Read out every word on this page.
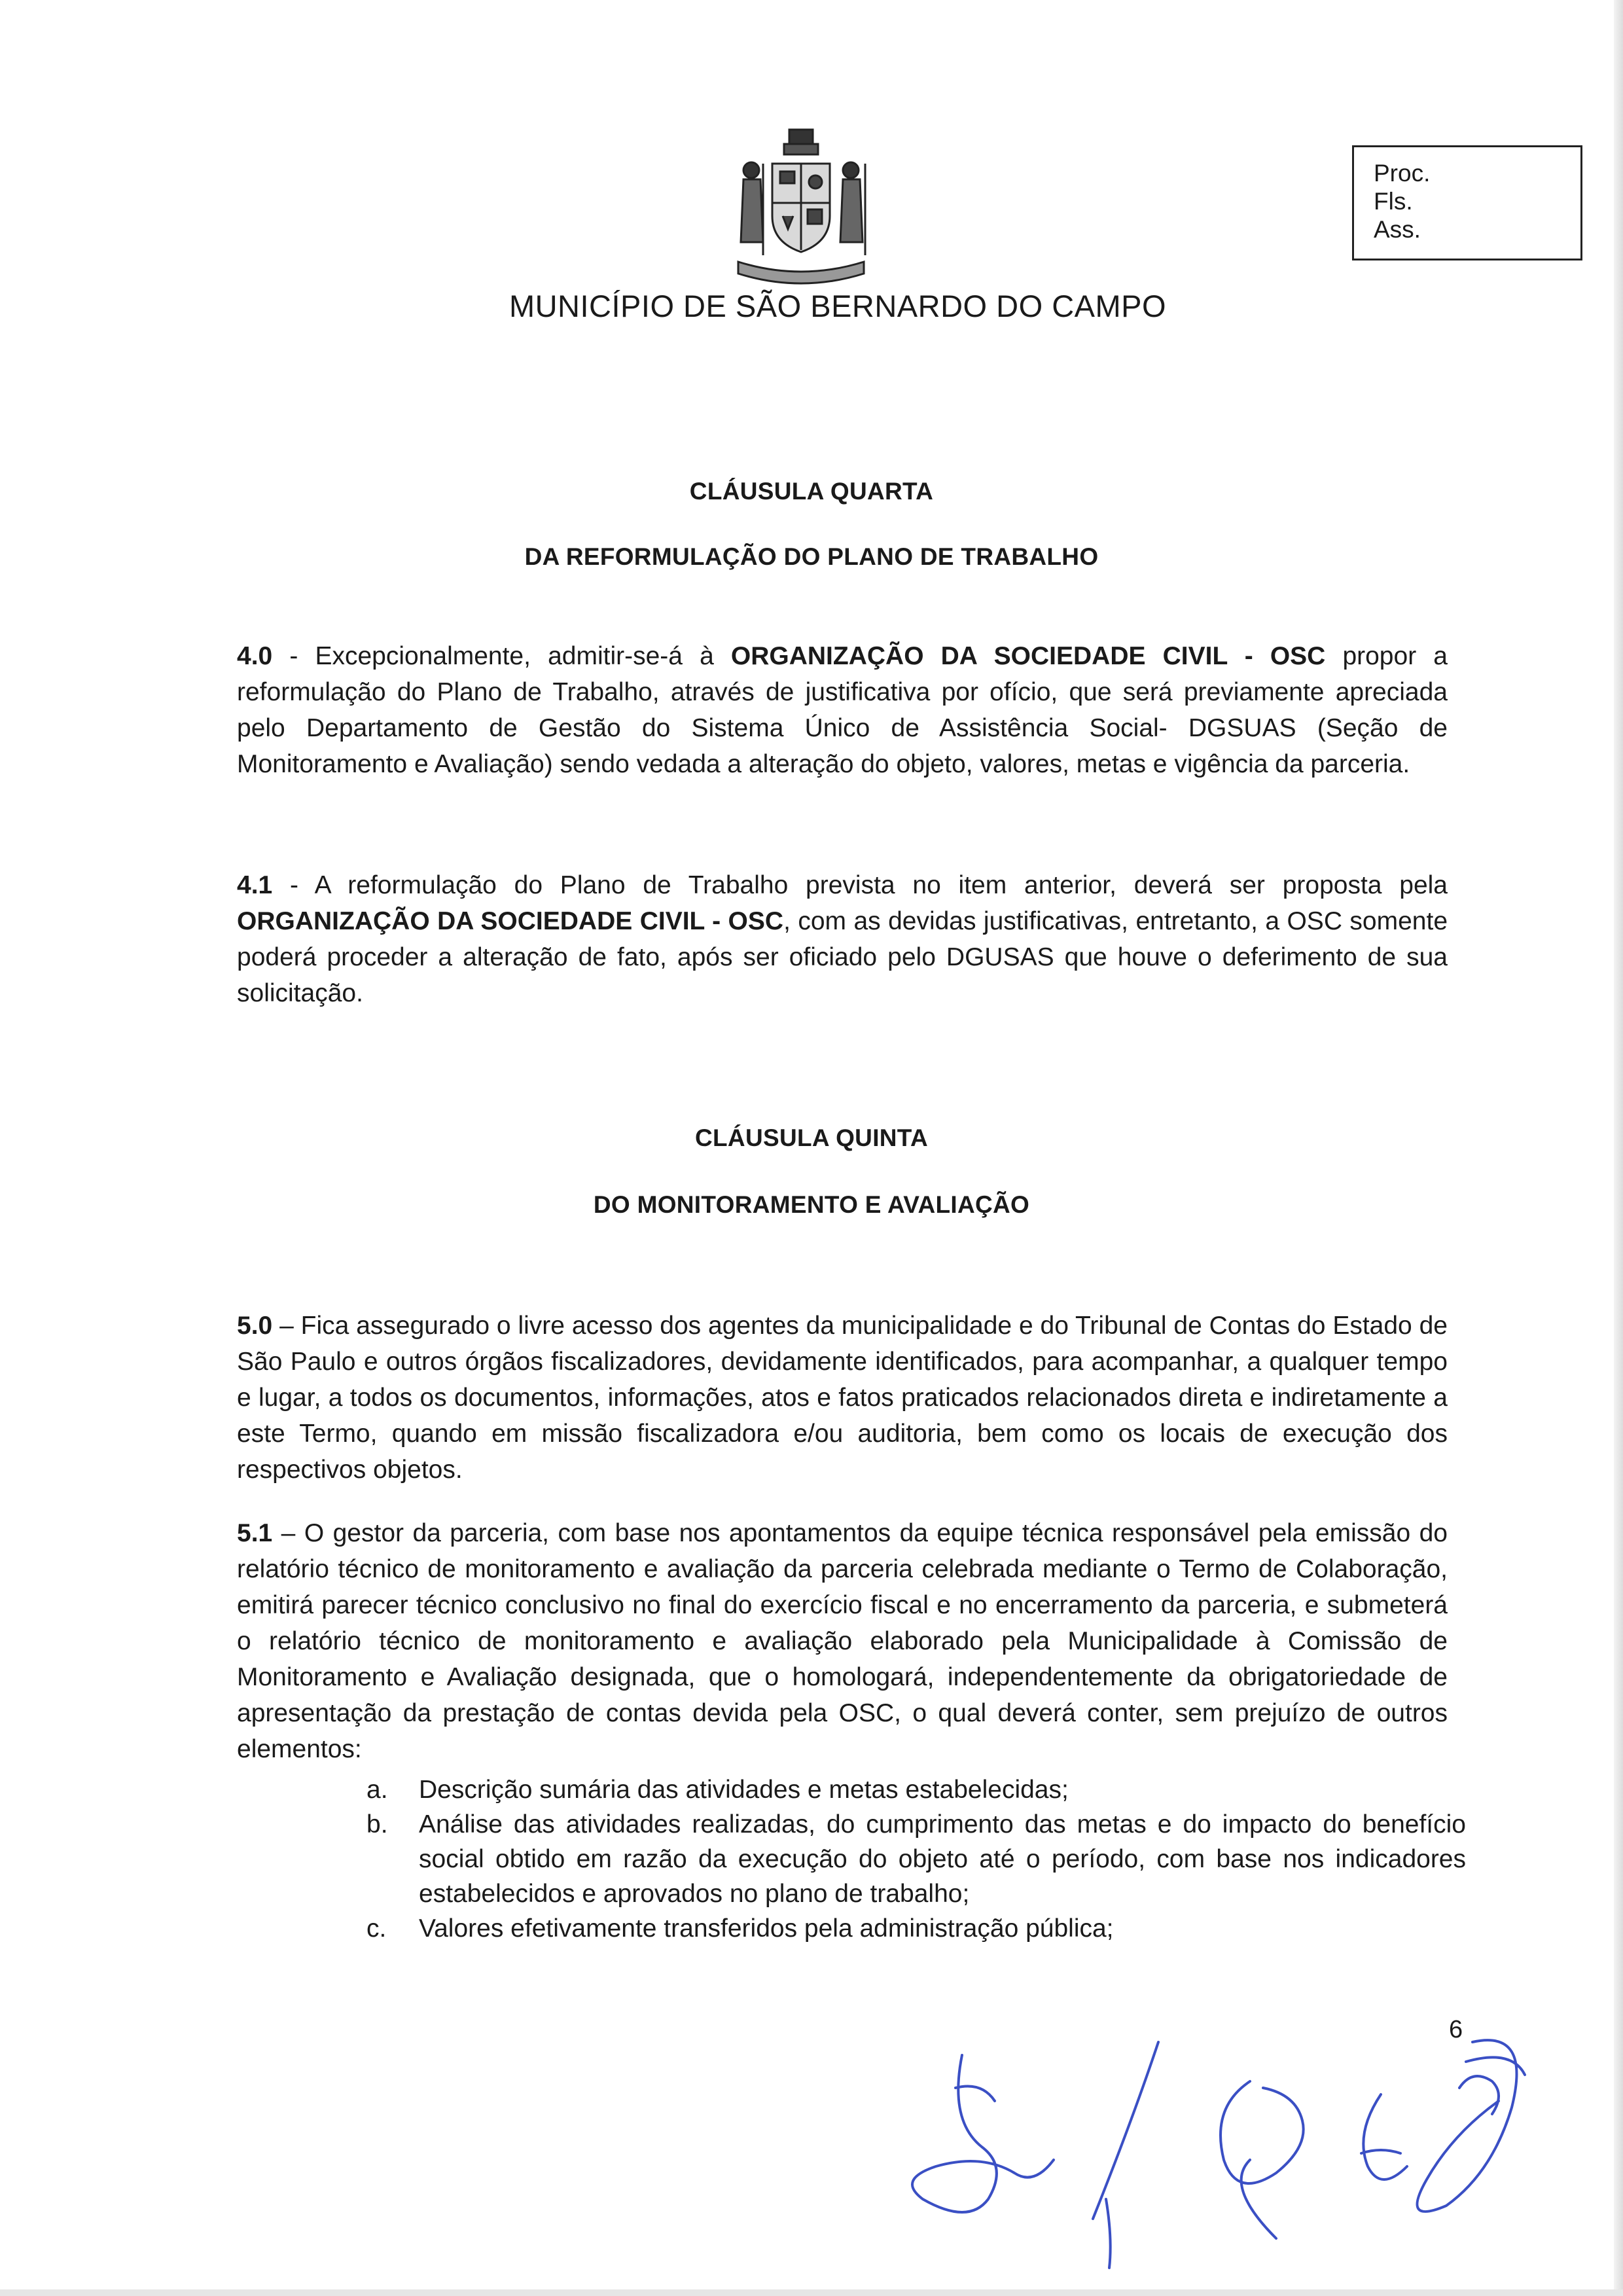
MUNICÍPIO DE SÃO BERNARDO DO CAMPO
Proc.
Fls.
Ass.
CLÁUSULA QUARTA
DA REFORMULAÇÃO DO PLANO DE TRABALHO

4.0 - Excepcionalmente, admitir-se-á à ORGANIZAÇÃO DA SOCIEDADE CIVIL - OSC propor a reformulação do Plano de Trabalho, através de justificativa por ofício, que será previamente apreciada pelo Departamento de Gestão do Sistema Único de Assistência Social- DGSUAS (Seção de Monitoramento e Avaliação) sendo vedada a alteração do objeto, valores, metas e vigência da parceria.

4.1 - A reformulação do Plano de Trabalho prevista no item anterior, deverá ser proposta pela ORGANIZAÇÃO DA SOCIEDADE CIVIL - OSC, com as devidas justificativas, entretanto, a OSC somente poderá proceder a alteração de fato, após ser oficiado pelo DGUSAS que houve o deferimento de sua solicitação.

CLÁUSULA QUINTA
DO MONITORAMENTO E AVALIAÇÃO

5.0 – Fica assegurado o livre acesso dos agentes da municipalidade e do Tribunal de Contas do Estado de São Paulo e outros órgãos fiscalizadores, devidamente identificados, para acompanhar, a qualquer tempo e lugar, a todos os documentos, informações, atos e fatos praticados relacionados direta e indiretamente a este Termo, quando em missão fiscalizadora e/ou auditoria, bem como os locais de execução dos respectivos objetos.

5.1 – O gestor da parceria, com base nos apontamentos da equipe técnica responsável pela emissão do relatório técnico de monitoramento e avaliação da parceria celebrada mediante o Termo de Colaboração, emitirá parecer técnico conclusivo no final do exercício fiscal e no encerramento da parceria, e submeterá o relatório técnico de monitoramento e avaliação elaborado pela Municipalidade à Comissão de Monitoramento e Avaliação designada, que o homologará, independentemente da obrigatoriedade de apresentação da prestação de contas devida pela OSC, o qual deverá conter, sem prejuízo de outros elementos:

a. Descrição sumária das atividades e metas estabelecidas;
b. Análise das atividades realizadas, do cumprimento das metas e do impacto do benefício social obtido em razão da execução do objeto até o período, com base nos indicadores estabelecidos e aprovados no plano de trabalho;
c. Valores efetivamente transferidos pela administração pública;
6
